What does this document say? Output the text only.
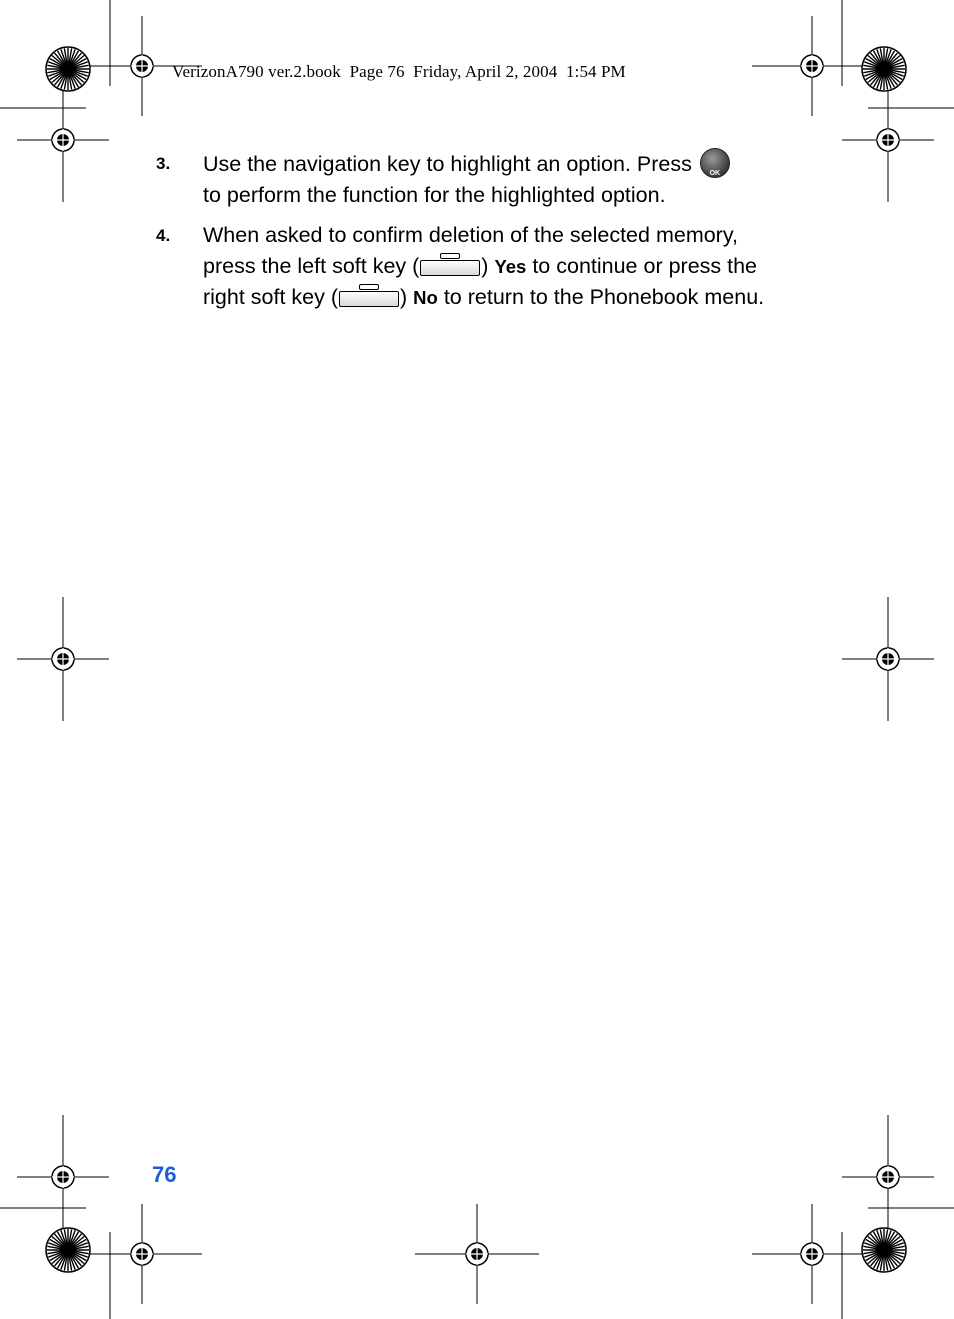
VerizonA790 ver.2.book  Page 76  Friday, April 2, 2004  1:54 PM
3. Use the navigation key to highlight an option. Press	OK

to perform the function for the highlighted option.
4. When asked to confirm deletion of the selected memory, press the left soft key (	) Yes to continue or press the right soft key (	) No to return to the Phonebook menu.
76
